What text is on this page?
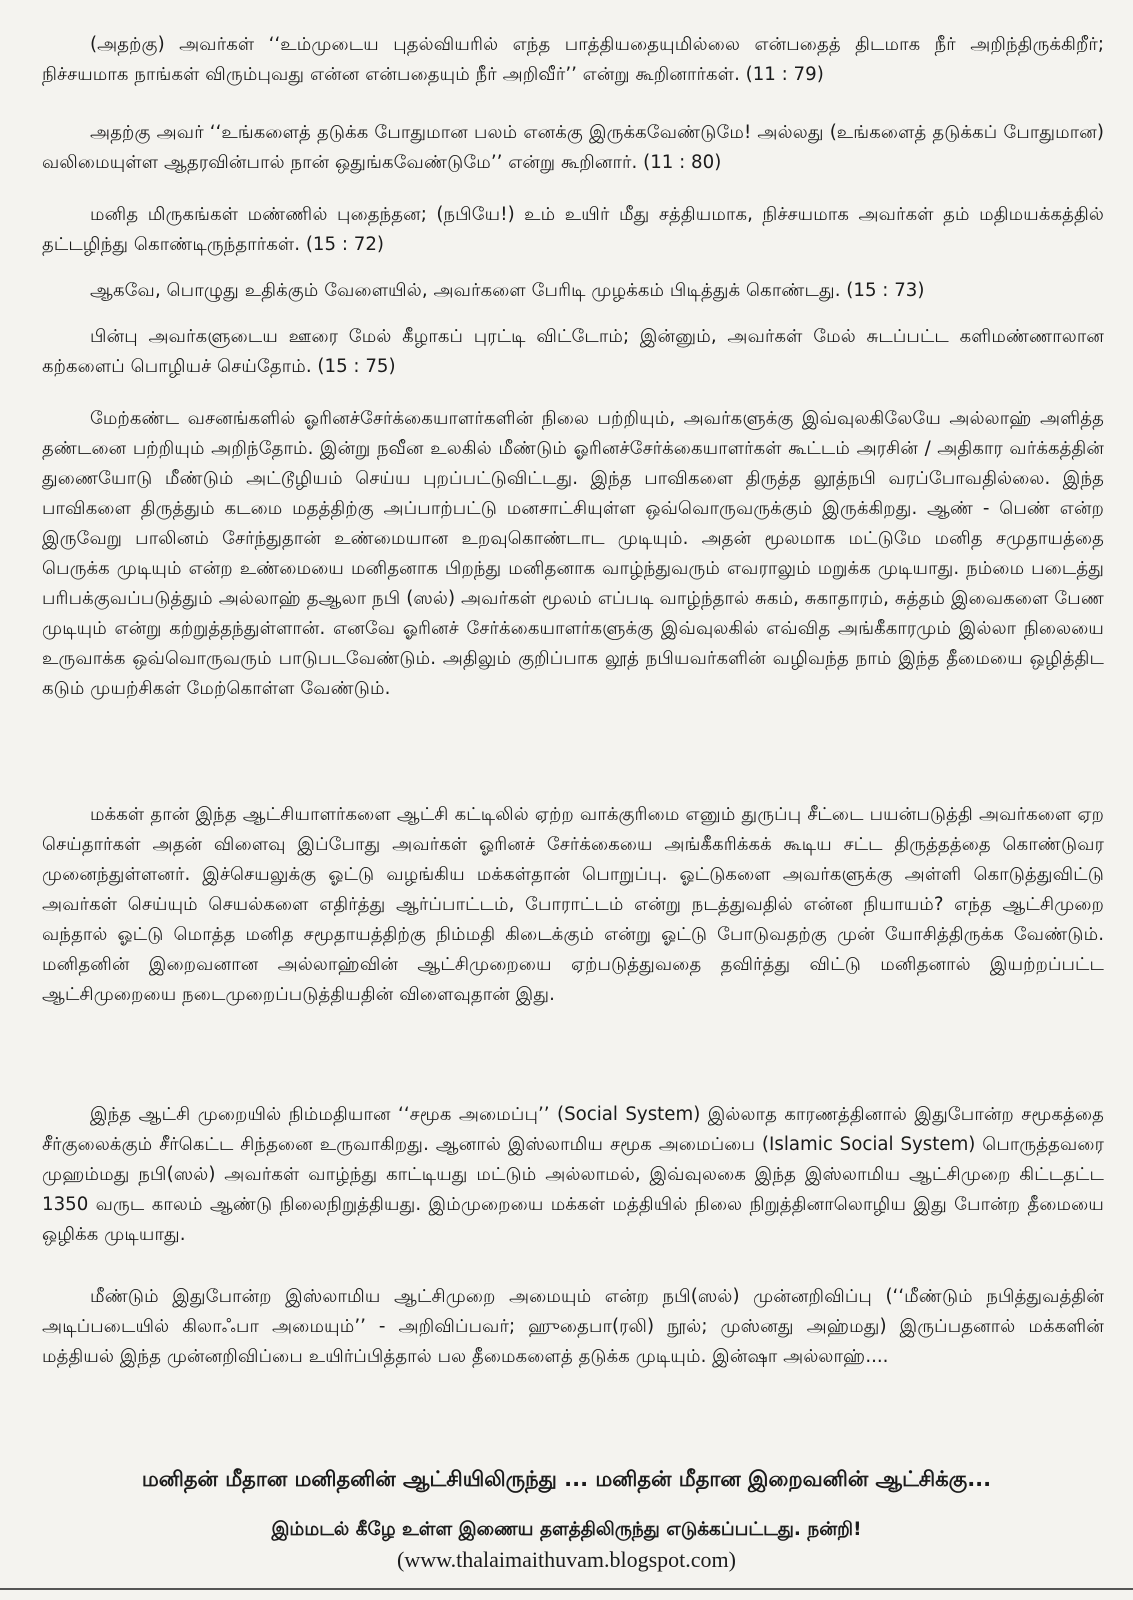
(அதற்கு) அவர்கள் ‘‘உம்முடைய புதல்வியரில் எந்த பாத்தியதையுமில்லை என்பதைத் திடமாக நீர் அறிந்திருக்கிறீர்; நிச்சயமாக நாங்கள் விரும்புவது என்ன என்பதையும் நீர் அறிவீர்’’ என்று கூறினார்கள். (11 : 79)

அதற்கு அவர் ‘‘உங்களைத் தடுக்க போதுமான பலம் எனக்கு இருக்கவேண்டுமே! அல்லது (உங்களைத் தடுக்கப் போதுமான) வலிமையுள்ள ஆதரவின்பால் நான் ஒதுங்கவேண்டுமே’’ என்று கூறினார். (11 : 80)

மனித மிருகங்கள் மண்ணில் புதைந்தன; (நபியே!) உம் உயிர் மீது சத்தியமாக, நிச்சயமாக அவர்கள் தம் மதிமயக்கத்தில் தட்டழிந்து கொண்டிருந்தார்கள். (15 : 72)

ஆகவே, பொழுது உதிக்கும் வேளையில், அவர்களை பேரிடி முழக்கம் பிடித்துக் கொண்டது. (15 : 73)

பின்பு அவர்களுடைய ஊரை மேல் கீழாகப் புரட்டி விட்டோம்; இன்னும், அவர்கள் மேல் சுடப்பட்ட களிமண்ணாலான கற்களைப் பொழியச் செய்தோம். (15 : 75)

மேற்கண்ட வசனங்களில் ஓரினச்சேர்க்கையாளர்களின் நிலை பற்றியும், அவர்களுக்கு இவ்வுலகிலேயே அல்லாஹ் அளித்த தண்டனை பற்றியும் அறிந்தோம். இன்று நவீன உலகில் மீண்டும் ஓரினச்சேர்க்கையாளர்கள் கூட்டம் அரசின் / அதிகார வர்க்கத்தின் துணையோடு மீண்டும் அட்டூழியம் செய்ய புறப்பட்டுவிட்டது. இந்த பாவிகளை திருத்த லூத்நபி வரப்போவதில்லை. இந்த பாவிகளை திருத்தும் கடமை மதத்திற்கு அப்பாற்பட்டு மனசாட்சியுள்ள ஒவ்வொருவருக்கும் இருக்கிறது. ஆண் - பெண் என்ற இருவேறு பாலினம் சேர்ந்துதான் உண்மையான உறவுகொண்டாட முடியும். அதன் மூலமாக மட்டுமே மனித சமுதாயத்தை பெருக்க முடியும் என்ற உண்மையை மனிதனாக பிறந்து மனிதனாக வாழ்ந்துவரும் எவராலும் மறுக்க முடியாது. நம்மை படைத்து பரிபக்குவப்படுத்தும் அல்லாஹ் தஆலா நபி (ஸல்) அவர்கள் மூலம் எப்படி வாழ்ந்தால் சுகம், சுகாதாரம், சுத்தம் இவைகளை பேண முடியும் என்று கற்றுத்தந்துள்ளான். எனவே ஓரினச் சேர்க்கையாளர்களுக்கு இவ்வுலகில் எவ்வித அங்கீகாரமும் இல்லா நிலையை உருவாக்க ஒவ்வொருவரும் பாடுபடவேண்டும். அதிலும் குறிப்பாக லூத் நபியவர்களின் வழிவந்த நாம் இந்த தீமையை ஒழித்திட கடும் முயற்சிகள் மேற்கொள்ள வேண்டும்.

மக்கள் தான் இந்த ஆட்சியாளர்களை ஆட்சி கட்டிலில் ஏற்ற வாக்குரிமை எனும் துருப்பு சீட்டை பயன்படுத்தி அவர்களை ஏற செய்தார்கள் அதன் விளைவு இப்போது அவர்கள் ஓரினச் சேர்க்கையை அங்கீகரிக்கக் கூடிய சட்ட திருத்தத்தை கொண்டுவர முனைந்துள்ளனர். இச்செயலுக்கு ஓட்டு வழங்கிய மக்கள்தான் பொறுப்பு. ஓட்டுகளை அவர்களுக்கு அள்ளி கொடுத்துவிட்டு அவர்கள் செய்யும் செயல்களை எதிர்த்து ஆர்ப்பாட்டம், போராட்டம் என்று நடத்துவதில் என்ன நியாயம்? எந்த ஆட்சிமுறை வந்தால் ஓட்டு மொத்த மனித சமூதாயத்திற்கு நிம்மதி கிடைக்கும் என்று ஓட்டு போடுவதற்கு முன் யோசித்திருக்க வேண்டும். மனிதனின் இறைவனான அல்லாஹ்வின் ஆட்சிமுறையை ஏற்படுத்துவதை தவிர்த்து விட்டு மனிதனால் இயற்றப்பட்ட ஆட்சிமுறையை நடைமுறைப்படுத்தியதின் விளைவுதான் இது.

இந்த ஆட்சி முறையில் நிம்மதியான ‘‘சமூக அமைப்பு’’ (Social System) இல்லாத காரணத்தினால் இதுபோன்ற சமூகத்தை சீர்குலைக்கும் சீர்கெட்ட சிந்தனை உருவாகிறது. ஆனால் இஸ்லாமிய சமூக அமைப்பை (Islamic Social System) பொருத்தவரை முஹம்மது நபி(ஸல்) அவர்கள் வாழ்ந்து காட்டியது மட்டும் அல்லாமல், இவ்வுலகை இந்த இஸ்லாமிய ஆட்சிமுறை கிட்டதட்ட 1350 வருட காலம் ஆண்டு நிலைநிறுத்தியது. இம்முறையை மக்கள் மத்தியில் நிலை நிறுத்தினாலொழிய இது போன்ற தீமையை ஒழிக்க முடியாது.

மீண்டும் இதுபோன்ற இஸ்லாமிய ஆட்சிமுறை அமையும் என்ற நபி(ஸல்) முன்னறிவிப்பு (‘‘மீண்டும் நபித்துவத்தின் அடிப்படையில் கிலாஃபா அமையும்’’ - அறிவிப்பவர்; ஹுதைபா(ரலி) நூல்; முஸ்னது அஹ்மது) இருப்பதனால் மக்களின் மத்தியல் இந்த முன்னறிவிப்பை உயிர்ப்பித்தால் பல தீமைகளைத் தடுக்க முடியும். இன்ஷா அல்லாஹ்....

மனிதன் மீதான மனிதனின் ஆட்சியிலிருந்து ... மனிதன் மீதான இறைவனின் ஆட்சிக்கு...

இம்மடல் கீழே உள்ள இணைய தளத்திலிருந்து எடுக்கப்பட்டது. நன்றி!

(www.thalaimaithuvam.blogspot.com)
